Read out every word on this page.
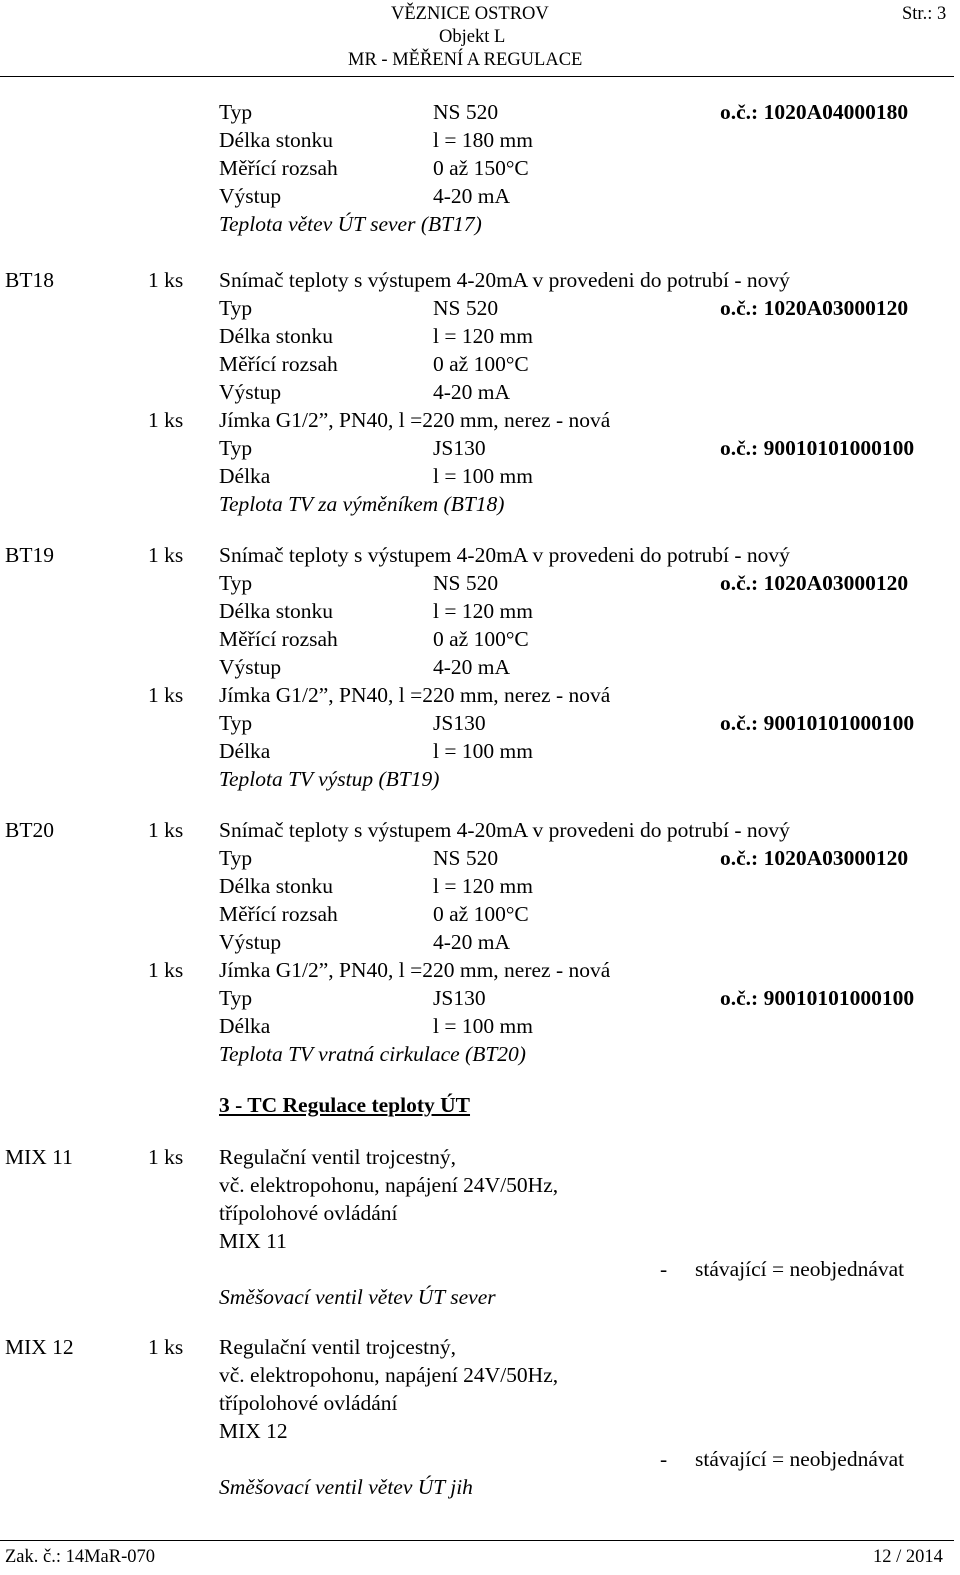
VĚZNICE OSTROV
Objekt L
MR - MĚŘENÍ A REGULACE
Str.: 3
Typ	NS 520	o.č.: 1020A04000180
Délka stonku	l = 180 mm
Měřící rozsah	0 až 150°C
Výstup	4-20 mA
Teplota větev ÚT sever (BT17)
BT18	1 ks Snímač teploty s výstupem 4-20mA v provedeni do potrubí - nový
Typ	NS 520	o.č.: 1020A03000120
Délka stonku	l = 120 mm
Měřící rozsah	0 až 100°C
Výstup	4-20 mA
1 ks Jímka G1/2”, PN40, l =220 mm, nerez - nová
Typ	JS130	o.č.: 90010101000100
Délka	l = 100 mm
Teplota TV za výměníkem (BT18)
BT19	1 ks Snímač teploty s výstupem 4-20mA v provedeni do potrubí - nový
Typ	NS 520	o.č.: 1020A03000120
Délka stonku	l = 120 mm
Měřící rozsah	0 až 100°C
Výstup	4-20 mA
1 ks Jímka G1/2”, PN40, l =220 mm, nerez - nová
Typ	JS130	o.č.: 90010101000100
Délka	l = 100 mm
Teplota TV výstup (BT19)
BT20	1 ks Snímač teploty s výstupem 4-20mA v provedeni do potrubí - nový
Typ	NS 520	o.č.: 1020A03000120
Délka stonku	l = 120 mm
Měřící rozsah	0 až 100°C
Výstup	4-20 mA
1 ks Jímka G1/2”, PN40, l =220 mm, nerez - nová
Typ	JS130	o.č.: 90010101000100
Délka	l = 100 mm
Teplota TV vratná cirkulace (BT20)
3 - TC Regulace teploty ÚT
MIX 11	1 ks Regulační ventil trojcestný,
vč. elektropohonu, napájení 24V/50Hz,
třípolohové ovládání
MIX 11
- stávající = neobjednávat
Směšovací ventil větev ÚT sever
MIX 12	1 ks Regulační ventil trojcestný,
vč. elektropohonu, napájení 24V/50Hz,
třípolohové ovládání
MIX 12
- stávající = neobjednávat
Směšovací ventil větev ÚT jih
Zak. č.: 14MaR-070	12 / 2014
